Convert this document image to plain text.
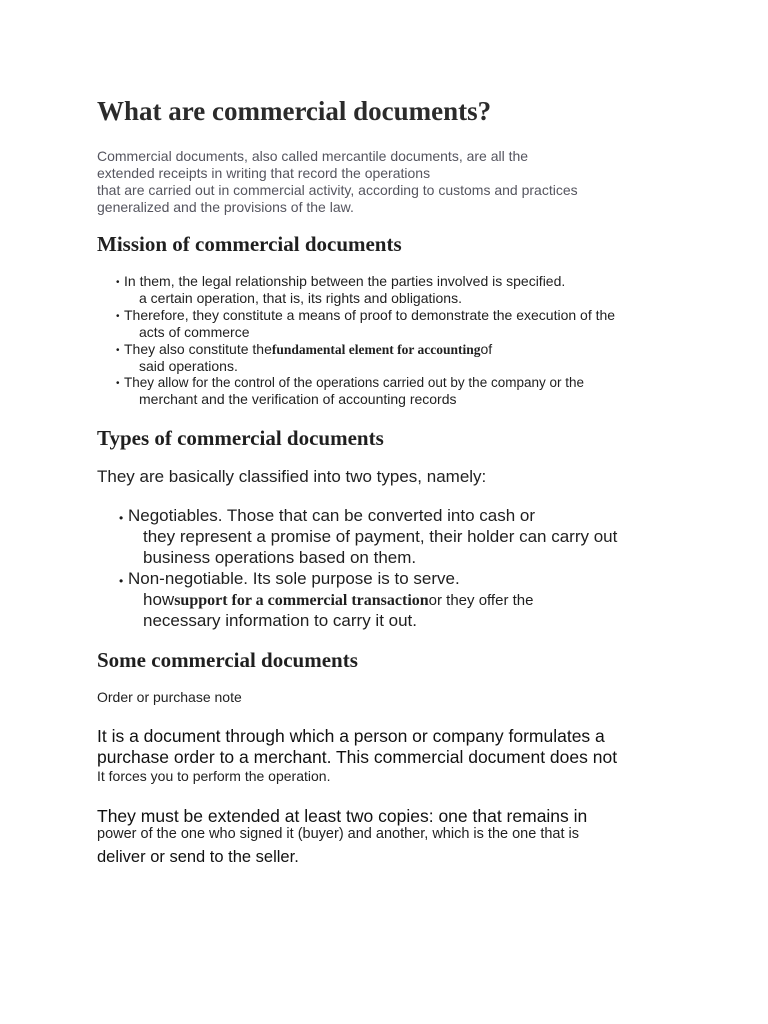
What are commercial documents?
Commercial documents, also called mercantile documents, are all the
extended receipts in writing that record the operations
that are carried out in commercial activity, according to customs and practices
generalized and the provisions of the law.
Mission of commercial documents
• In them, the legal relationship between the parties involved is specified.
a certain operation, that is, its rights and obligations.
• Therefore, they constitute a means of proof to demonstrate the execution of the
acts of commerce
• They also constitute thefundamental element for accountingof
said operations.
• They allow for the control of the operations carried out by the company or the
merchant and the verification of accounting records
Types of commercial documents
They are basically classified into two types, namely:
• Negotiables. Those that can be converted into cash or
they represent a promise of payment, their holder can carry out
business operations based on them.
• Non-negotiable. Its sole purpose is to serve.
howsupport for a commercial transactionor they offer the
necessary information to carry it out.
Some commercial documents
Order or purchase note
It is a document through which a person or company formulates a
purchase order to a merchant. This commercial document does not
It forces you to perform the operation.
They must be extended at least two copies: one that remains in
power of the one who signed it (buyer) and another, which is the one that is
deliver or send to the seller.
